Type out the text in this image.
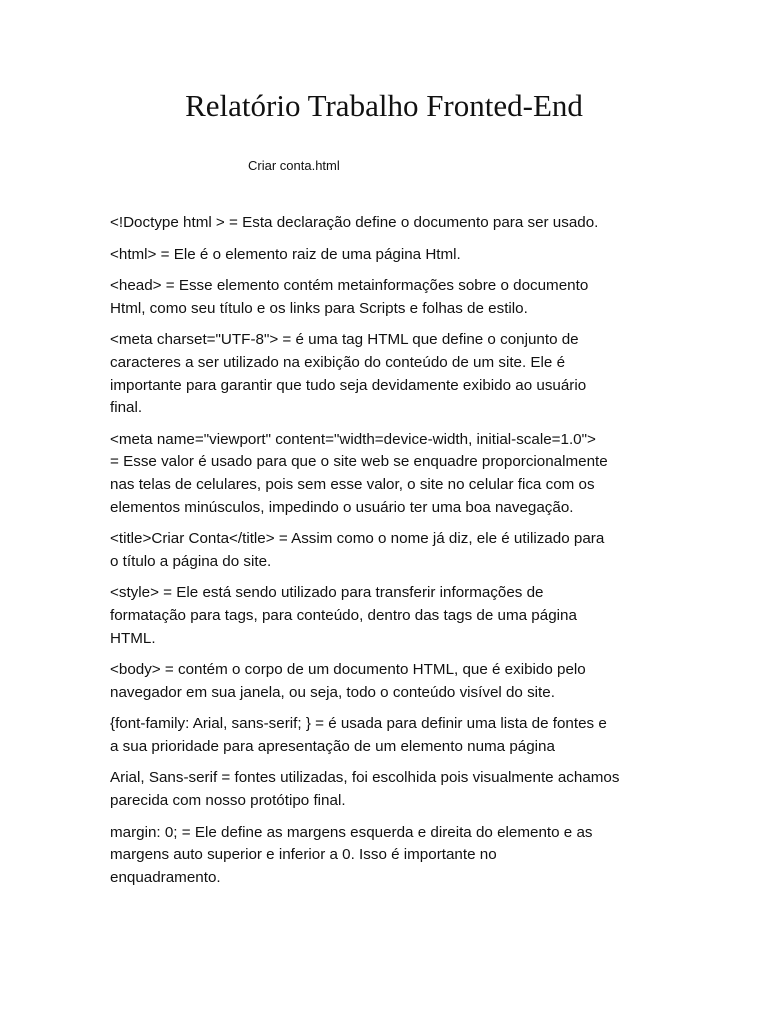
Relatório Trabalho Fronted-End
Criar conta.html

<!Doctype html > = Esta declaração define o documento para ser usado.

<html> = Ele é o elemento raiz de uma página Html.

<head> = Esse elemento contém metainformações sobre o documento
Html, como seu título e os links para Scripts e folhas de estilo.

<meta charset="UTF-8"> = é uma tag HTML que define o conjunto de
caracteres a ser utilizado na exibição do conteúdo de um site. Ele é
importante para garantir que tudo seja devidamente exibido ao usuário
final.

<meta name="viewport" content="width=device-width, initial-scale=1.0">
= Esse valor é usado para que o site web se enquadre proporcionalmente
nas telas de celulares, pois sem esse valor, o site no celular fica com os
elementos minúsculos, impedindo o usuário ter uma boa navegação.

<title>Criar Conta</title> = Assim como o nome já diz, ele é utilizado para
o título a página do site.

<style> = Ele está sendo utilizado para transferir informações de
formatação para tags, para conteúdo, dentro das tags de uma página
HTML.

<body> = contém o corpo de um documento HTML, que é exibido pelo
navegador em sua janela, ou seja, todo o conteúdo visível do site.

{font-family: Arial, sans-serif; } = é usada para definir uma lista de fontes e
a sua prioridade para apresentação de um elemento numa página

Arial, Sans-serif = fontes utilizadas, foi escolhida pois visualmente achamos
parecida com nosso protótipo final.

margin: 0; = Ele define as margens esquerda e direita do elemento e as
margens auto superior e inferior a 0. Isso é importante no
enquadramento.
